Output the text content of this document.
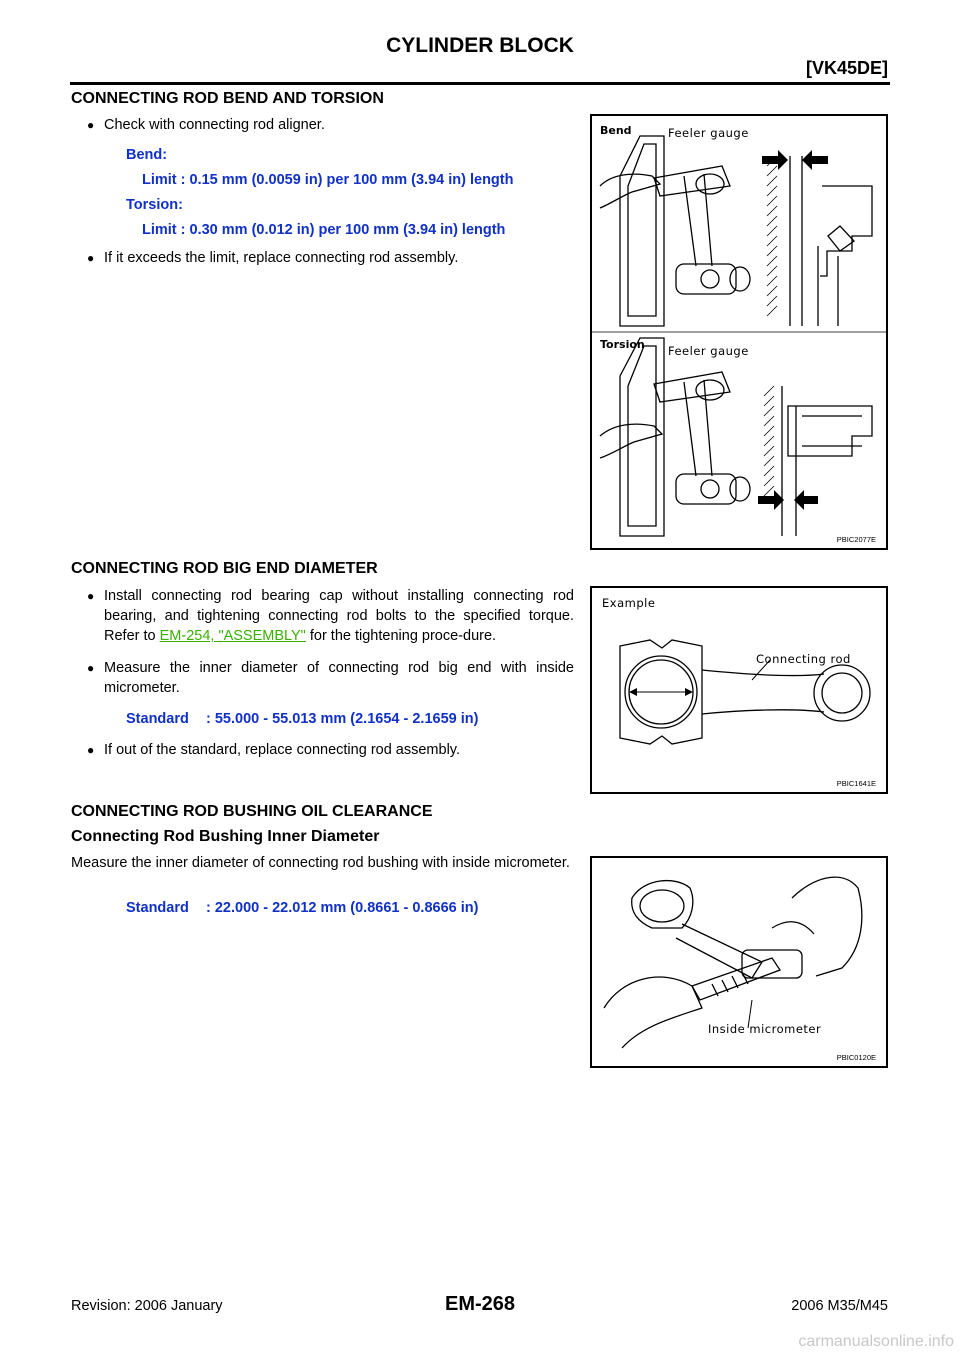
CYLINDER BLOCK
[VK45DE]
CONNECTING ROD BEND AND TORSION
● Check with connecting rod aligner.
Bend:
Limit : 0.15 mm (0.0059 in) per 100 mm (3.94 in) length
Torsion:
Limit : 0.30 mm (0.012 in) per 100 mm (3.94 in) length
● If it exceeds the limit, replace connecting rod assembly.
Bend	Feeler gauge
Torsion Feeler gauge
PBIC2077E
CONNECTING ROD BIG END DIAMETER
● Install connecting rod bearing cap without installing connecting rod bearing, and tightening connecting rod bolts to the specified torque. Refer to EM-254, "ASSEMBLY" for the tightening proce-dure.
● Measure the inner diameter of connecting rod big end with inside micrometer.
Standard : 55.000 - 55.013 mm (2.1654 - 2.1659 in)
● If out of the standard, replace connecting rod assembly.
Example
Connecting rod
PBIC1641E
CONNECTING ROD BUSHING OIL CLEARANCE
Connecting Rod Bushing Inner Diameter
Measure the inner diameter of connecting rod bushing with inside micrometer.
Standard : 22.000 - 22.012 mm (0.8661 - 0.8666 in)
Inside micrometer
PBIC0120E
Revision: 2006 January	EM-268	2006 M35/M45
carmanualsonline.info
